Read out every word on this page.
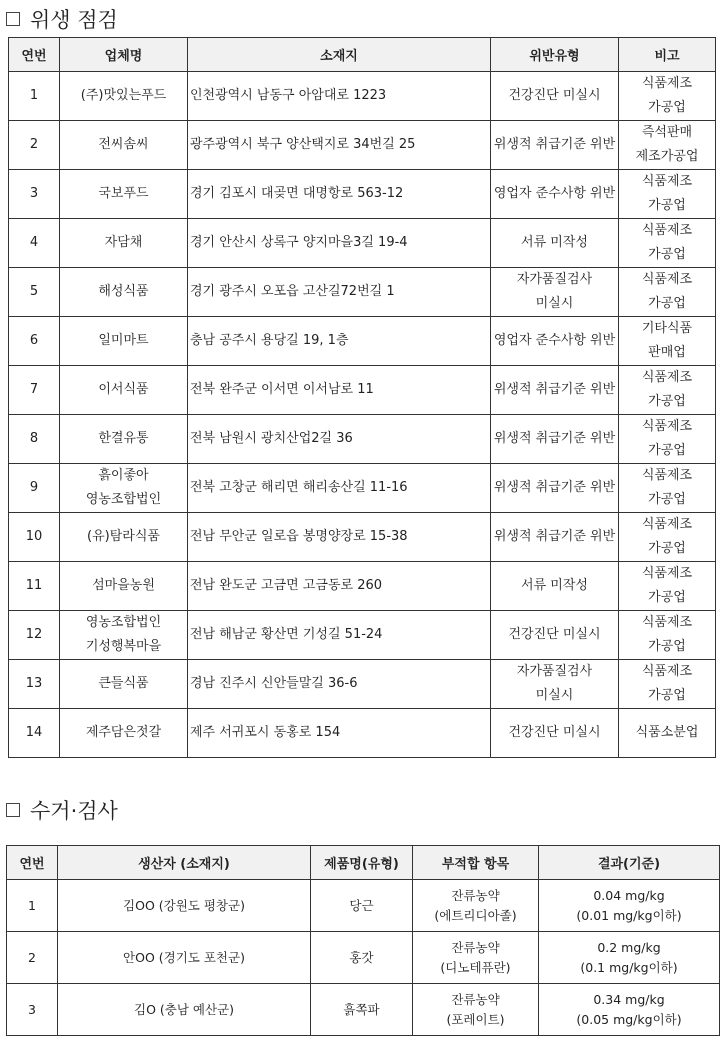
위생 점검
연번	업체명	소재지	위반유형	비고
1	(주)맛있는푸드	인천광역시 남동구 아암대로 1223	건강진단 미실시	식품제조
가공업
2	전씨솜씨	광주광역시 북구 양산택지로 34번길 25	위생적 취급기준 위반	즉석판매
제조가공업
3	국보푸드	경기 김포시 대곶면 대명항로 563-12	영업자 준수사항 위반	식품제조
가공업
4	자담채	경기 안산시 상록구 양지마을3길 19-4	서류 미작성	식품제조
가공업
5	해성식품	경기 광주시 오포읍 고산길72번길 1	자가품질검사
미실시	식품제조
가공업
6	일미마트	충남 공주시 용당길 19, 1층	영업자 준수사항 위반	기타식품
판매업
7	이서식품	전북 완주군 이서면 이서남로 11	위생적 취급기준 위반	식품제조
가공업
8	한결유통	전북 남원시 광치산업2길 36	위생적 취급기준 위반	식품제조
가공업
9	흙이좋아
영농조합법인	전북 고창군 해리면 해리송산길 11-16	위생적 취급기준 위반	식품제조
가공업
10	(유)탐라식품	전남 무안군 일로읍 봉명양장로 15-38	위생적 취급기준 위반	식품제조
가공업
11	섬마을농원	전남 완도군 고금면 고금동로 260	서류 미작성	식품제조
가공업
12	영농조합법인
기성행복마을	전남 해남군 황산면 기성길 51-24	건강진단 미실시	식품제조
가공업
13	큰들식품	경남 진주시 신안들말길 36-6	자가품질검사
미실시	식품제조
가공업
14	제주담은젓갈	제주 서귀포시 동홍로 154	건강진단 미실시	식품소분업
수거·검사
연번	생산자 (소재지)	제품명(유형)	부적합 항목	결과(기준)
1	김OO (강원도 평창군)	당근	잔류농약
(에트리디아졸)	0.04 mg/kg
(0.01 mg/kg이하)
2	안OO (경기도 포천군)	홍갓	잔류농약
(디노테퓨란)	0.2 mg/kg
(0.1 mg/kg이하)
3	김O (충남 예산군)	흙쪽파	잔류농약
(포레이트)	0.34 mg/kg
(0.05 mg/kg이하)
